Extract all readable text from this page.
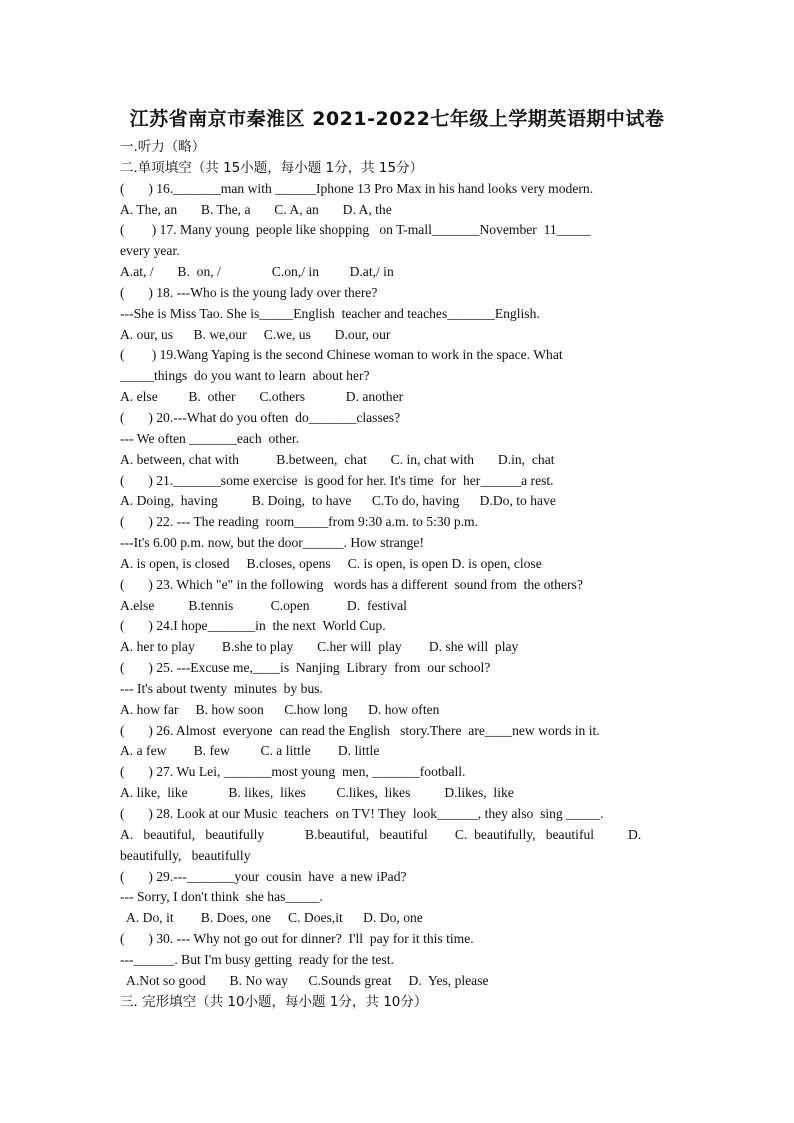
江苏省南京市秦淮区 2021-2022七年级上学期英语期中试卷
一.听力（略）
二.单项填空（共 15小题，每小题 1分，共 15分）
(       ) 16._______man with ______Iphone 13 Pro Max in his hand looks very modern.
A. The, an       B. The, a       C. A, an       D. A, the
(        ) 17. Many young  people like shopping   on T-mall_______November  11_____
every year.
A.at, /       B.  on, /               C.on,/ in         D.at,/ in
(       ) 18. ---Who is the young lady over there?
---She is Miss Tao. She is_____English  teacher and teaches_______English.
A. our, us      B. we,our     C.we, us       D.our, our
(        ) 19.Wang Yaping is the second Chinese woman to work in the space. What
_____things  do you want to learn  about her?
A. else         B.  other       C.others            D. another
(       ) 20.---What do you often  do_______classes?
--- We often _______each  other.
A. between, chat with           B.between,  chat       C. in, chat with       D.in,  chat
(       ) 21._______some exercise  is good for her. It's time  for  her______a rest.
A. Doing,  having          B. Doing,  to have      C.To do, having      D.Do, to have
(       ) 22. --- The reading  room_____from 9:30 a.m. to 5:30 p.m.
---It's 6.00 p.m. now, but the door______. How strange!
A. is open, is closed     B.closes, opens     C. is open, is open D. is open, close
(       ) 23. Which "e" in the following   words has a different  sound from  the others?
A.else          B.tennis           C.open           D.  festival
(       ) 24.I hope_______in  the next  World Cup.
A. her to play        B.she to play       C.her will  play        D. she will  play
(       ) 25. ---Excuse me,____is  Nanjing  Library  from  our school?
--- It's about twenty  minutes  by bus.
A. how far     B. how soon      C.how long      D. how often
(       ) 26. Almost  everyone  can read the English   story.There  are____new words in it.
A. a few        B. few         C. a little        D. little
(       ) 27. Wu Lei, _______most young  men, _______football.
A. like,  like            B. likes,  likes         C.likes,  likes          D.likes,  like
(       ) 28. Look at our Music  teachers  on TV! They  look______, they also  sing _____.
A.   beautiful,   beautifully            B.beautiful,   beautiful        C.  beautifully,   beautiful          D.
beautifully,   beautifully
(       ) 29.---_______your  cousin  have  a new iPad?
--- Sorry, I don't think  she has_____.
A. Do, it        B. Does, one     C. Does,it      D. Do, one
(       ) 30. --- Why not go out for dinner?  I'll  pay for it this time.
---______. But I'm busy getting  ready for the test.
A.Not so good       B. No way      C.Sounds great     D.  Yes, please
三. 完形填空（共 10小题，每小题 1分，共 10分）
